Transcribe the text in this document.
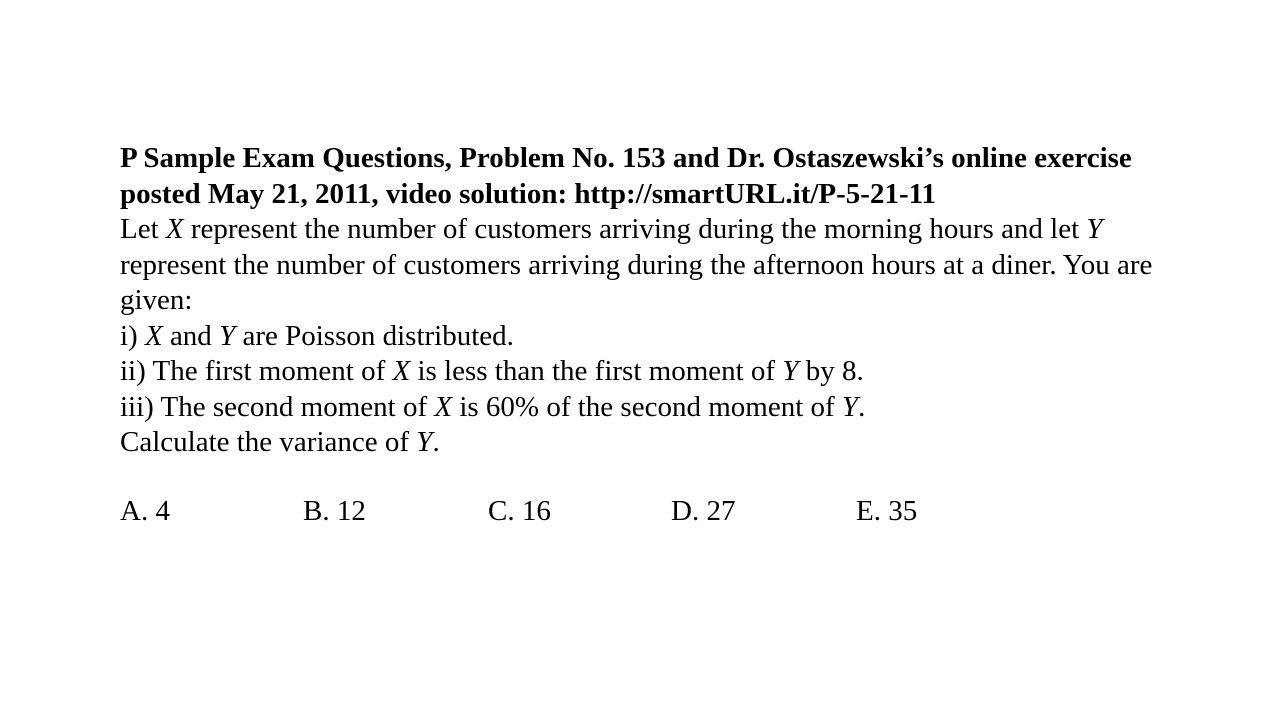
P Sample Exam Questions, Problem No. 153 and Dr. Ostaszewski’s online exercise
posted May 21, 2011, video solution: http://smartURL.it/P-5-21-11
Let X represent the number of customers arriving during the morning hours and let Y
represent the number of customers arriving during the afternoon hours at a diner. You are
given:
i) X and Y are Poisson distributed.
ii) The first moment of X is less than the first moment of Y by 8.
iii) The second moment of X is 60% of the second moment of Y.
Calculate the variance of Y.
A. 4	B. 12	C. 16	D. 27	E. 35
